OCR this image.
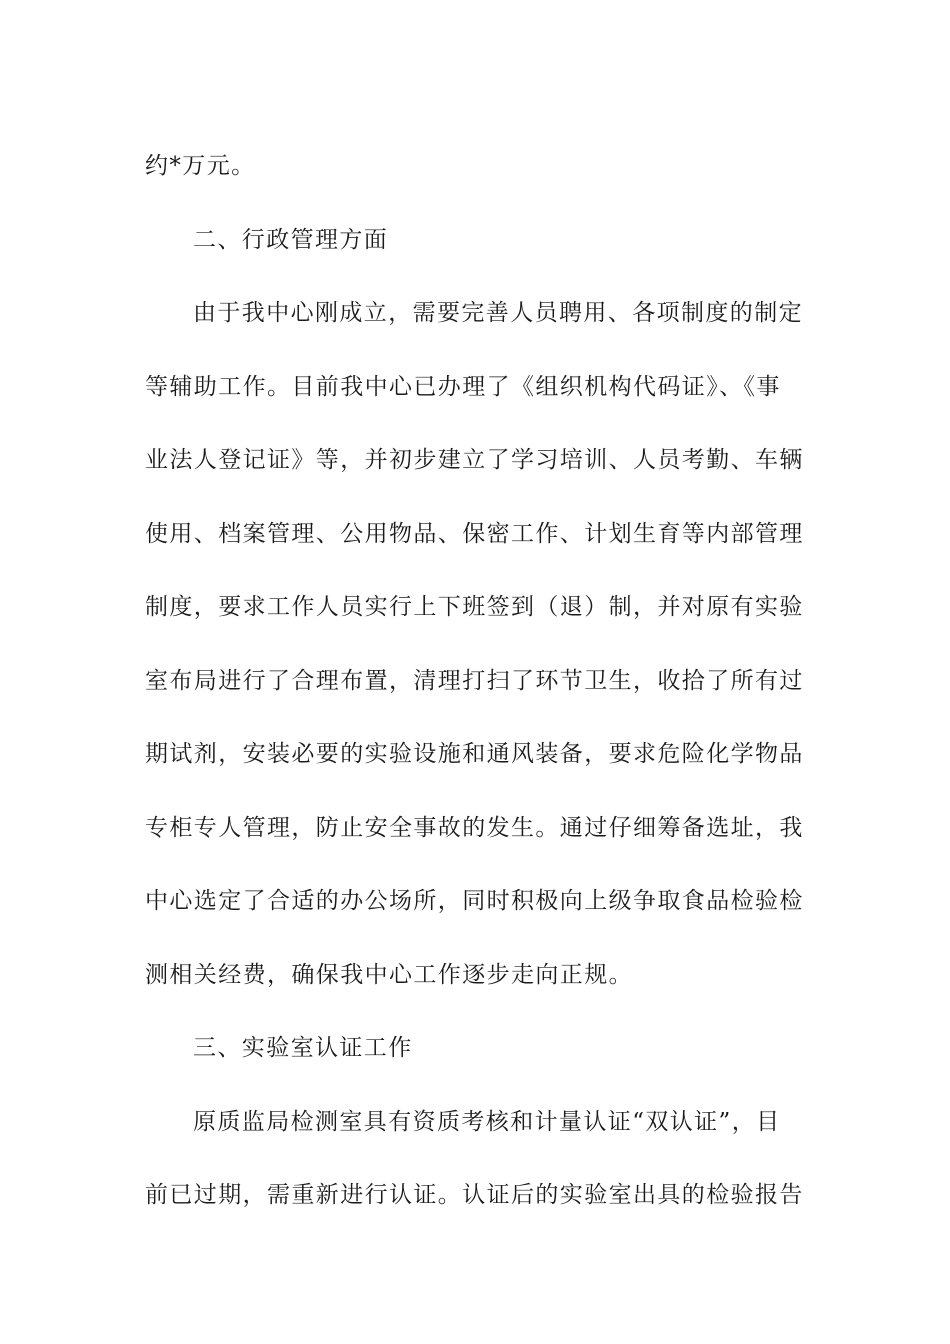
约*万元。
二、行政管理方面
由于我中心刚成立，需要完善人员聘用、各项制度的制定
等辅助工作。目前我中心已办理了《组织机构代码证》、《事
业法人登记证》等，并初步建立了学习培训、人员考勤、车辆
使用、档案管理、公用物品、保密工作、计划生育等内部管理
制度，要求工作人员实行上下班签到（退）制，并对原有实验
室布局进行了合理布置，清理打扫了环节卫生，收拾了所有过
期试剂，安装必要的实验设施和通风装备，要求危险化学物品
专柜专人管理，防止安全事故的发生。通过仔细筹备选址，我
中心选定了合适的办公场所，同时积极向上级争取食品检验检
测相关经费，确保我中心工作逐步走向正规。
三、实验室认证工作
原质监局检测室具有资质考核和计量认证“双认证”，目
前已过期，需重新进行认证。认证后的实验室出具的检验报告
